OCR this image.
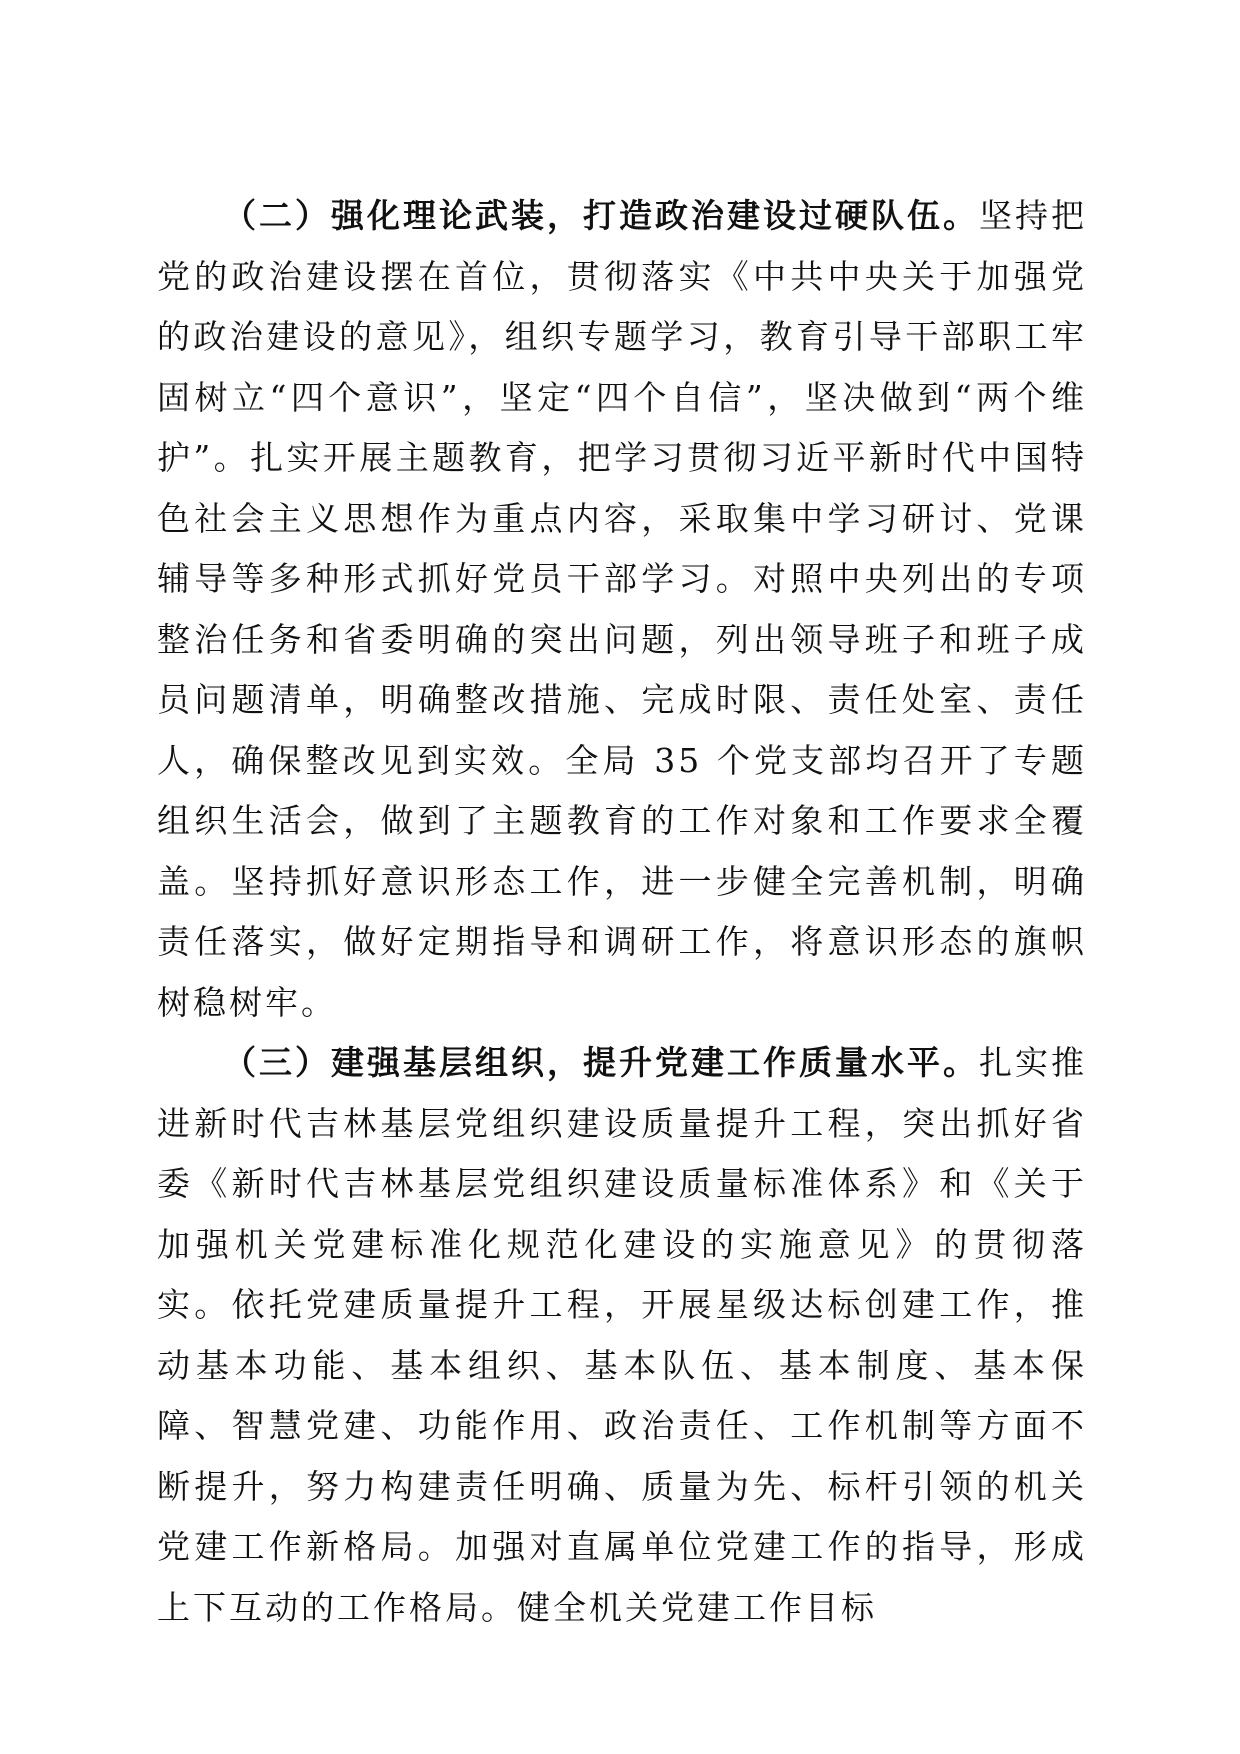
（二）强化理论武装，打造政治建设过硬队伍。坚持把党的政治建设摆在首位，贯彻落实《中共中央关于加强党的政治建设的意见》，组织专题学习，教育引导干部职工牢固树立“四个意识”，坚定“四个自信”，坚决做到“两个维护”。扎实开展主题教育，把学习贯彻习近平新时代中国特色社会主义思想作为重点内容，采取集中学习研讨、党课辅导等多种形式抓好党员干部学习。对照中央列出的专项整治任务和省委明确的突出问题，列出领导班子和班子成员问题清单，明确整改措施、完成时限、责任处室、责任人，确保整改见到实效。全局 35 个党支部均召开了专题组织生活会，做到了主题教育的工作对象和工作要求全覆盖。坚持抓好意识形态工作，进一步健全完善机制，明确责任落实，做好定期指导和调研工作，将意识形态的旗帜树稳树牢。

（三）建强基层组织，提升党建工作质量水平。扎实推进新时代吉林基层党组织建设质量提升工程，突出抓好省委《新时代吉林基层党组织建设质量标准体系》和《关于加强机关党建标准化规范化建设的实施意见》的贯彻落实。依托党建质量提升工程，开展星级达标创建工作，推动基本功能、基本组织、基本队伍、基本制度、基本保障、智慧党建、功能作用、政治责任、工作机制等方面不断提升，努力构建责任明确、质量为先、标杆引领的机关党建工作新格局。加强对直属单位党建工作的指导，形成上下互动的工作格局。健全机关党建工作目标
